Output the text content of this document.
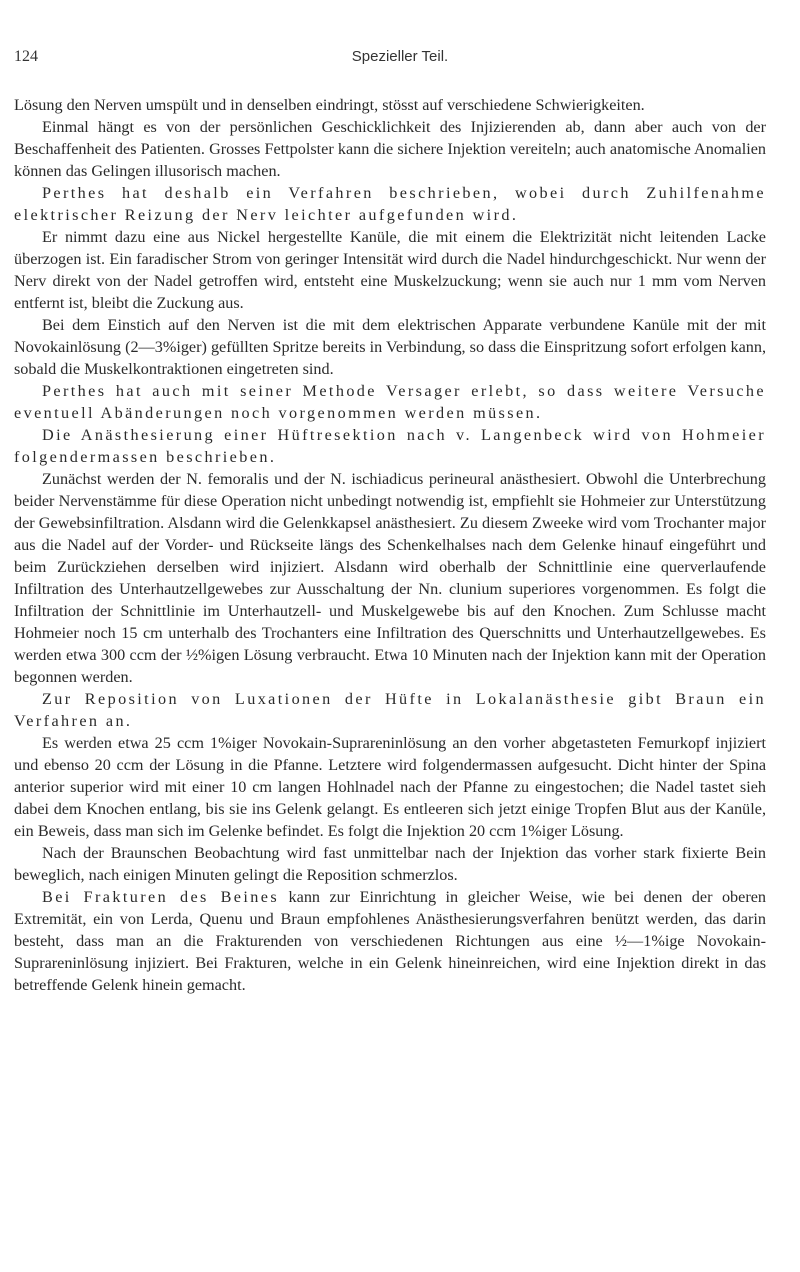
124	Spezieller Teil.

Lösung den Nerven umspült und in denselben eindringt, stösst auf verschiedene Schwierigkeiten.

Einmal hängt es von der persönlichen Geschicklichkeit des Injizierenden ab, dann aber auch von der Beschaffenheit des Patienten. Grosses Fettpolster kann die sichere Injektion vereiteln; auch anatomische Anomalien können das Gelingen illusorisch machen.

Perthes hat deshalb ein Verfahren beschrieben, wobei durch Zuhilfenahme elektrischer Reizung der Nerv leichter aufgefunden wird.

Er nimmt dazu eine aus Nickel hergestellte Kanüle, die mit einem die Elektrizität nicht leitenden Lacke überzogen ist. Ein faradischer Strom von geringer Intensität wird durch die Nadel hindurchgeschickt. Nur wenn der Nerv direkt von der Nadel getroffen wird, entsteht eine Muskelzuckung; wenn sie auch nur 1 mm vom Nerven entfernt ist, bleibt die Zuckung aus.

Bei dem Einstich auf den Nerven ist die mit dem elektrischen Apparate verbundene Kanüle mit der mit Novokainlösung (2—3%iger) gefüllten Spritze bereits in Verbindung, so dass die Einspritzung sofort erfolgen kann, sobald die Muskelkontraktionen eingetreten sind.

Perthes hat auch mit seiner Methode Versager erlebt, so dass weitere Versuche eventuell Abänderungen noch vorgenommen werden müssen.

Die Anästhesierung einer Hüftresektion nach v. Langenbeck wird von Hohmeier folgendermassen beschrieben.

Zunächst werden der N. femoralis und der N. ischiadicus perineural anästhesiert. Obwohl die Unterbrechung beider Nervenstämme für diese Operation nicht unbedingt notwendig ist, empfiehlt sie Hohmeier zur Unterstützung der Gewebsinfiltration. Alsdann wird die Gelenkkapsel anästhesiert. Zu diesem Zweeke wird vom Trochanter major aus die Nadel auf der Vorder- und Rückseite längs des Schenkelhalses nach dem Gelenke hinauf eingeführt und beim Zurückziehen derselben wird injiziert. Alsdann wird oberhalb der Schnittlinie eine querverlaufende Infiltration des Unterhautzellgewebes zur Ausschaltung der Nn. clunium superiores vorgenommen. Es folgt die Infiltration der Schnittlinie im Unterhautzell- und Muskelgewebe bis auf den Knochen. Zum Schlusse macht Hohmeier noch 15 cm unterhalb des Trochanters eine Infiltration des Querschnitts und Unterhautzellgewebes. Es werden etwa 300 ccm der ½%igen Lösung verbraucht. Etwa 10 Minuten nach der Injektion kann mit der Operation begonnen werden.

Zur Reposition von Luxationen der Hüfte in Lokalanästhesie gibt Braun ein Verfahren an.

Es werden etwa 25 ccm 1%iger Novokain-Suprareninlösung an den vorher abgetasteten Femurkopf injiziert und ebenso 20 ccm der Lösung in die Pfanne. Letztere wird folgendermassen aufgesucht. Dicht hinter der Spina anterior superior wird mit einer 10 cm langen Hohlnadel nach der Pfanne zu eingestochen; die Nadel tastet sieh dabei dem Knochen entlang, bis sie ins Gelenk gelangt. Es entleeren sich jetzt einige Tropfen Blut aus der Kanüle, ein Beweis, dass man sich im Gelenke befindet. Es folgt die Injektion 20 ccm 1%iger Lösung.

Nach der Braunschen Beobachtung wird fast unmittelbar nach der Injektion das vorher stark fixierte Bein beweglich, nach einigen Minuten gelingt die Reposition schmerzlos.

Bei Frakturen des Beines kann zur Einrichtung in gleicher Weise, wie bei denen der oberen Extremität, ein von Lerda, Quenu und Braun empfohlenes Anästhesierungsverfahren benützt werden, das darin besteht, dass man an die Frakturenden von verschiedenen Richtungen aus eine ½—1%ige Novokain-Suprareninlösung injiziert. Bei Frakturen, welche in ein Gelenk hineinreichen, wird eine Injektion direkt in das betreffende Gelenk hinein gemacht.
